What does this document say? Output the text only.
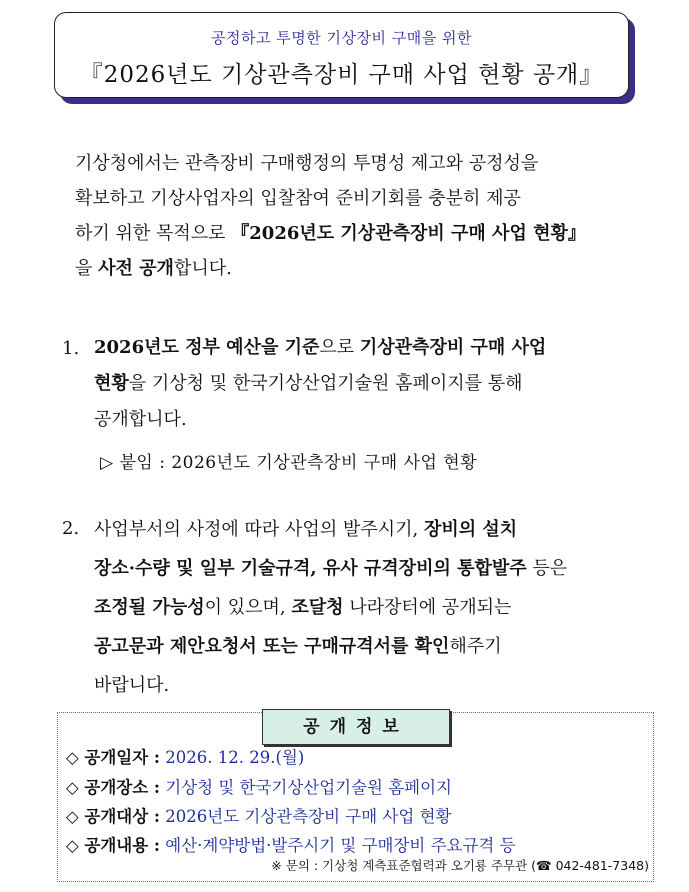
공정하고 투명한 기상장비 구매을 위한
『2026년도 기상관측장비 구매 사업 현황 공개』
기상청에서는 관측장비 구매행정의 투명성 제고와 공정성을
확보하고 기상사업자의 입찰참여 준비기회를 충분히 제공
하기 위한 목적으로 『2026년도 기상관측장비 구매 사업 현황』
을 사전 공개합니다.
1. 2026년도 정부 예산을 기준으로 기상관측장비 구매 사업
현황을 기상청 및 한국기상산업기술원 홈페이지를 통해
공개합니다.
▷ 붙임 : 2026년도 기상관측장비 구매 사업 현황
2. 사업부서의 사정에 따라 사업의 발주시기, 장비의 설치
장소·수량 및 일부 기술규격, 유사 규격장비의 통합발주 등은
조정될 가능성이 있으며, 조달청 나라장터에 공개되는
공고문과 제안요청서 또는 구매규격서를 확인해주기
바랍니다.
공개정보
◇ 공개일자 : 2026. 12. 29.(월)
◇ 공개장소 : 기상청 및 한국기상산업기술원 홈페이지
◇ 공개대상 : 2026년도 기상관측장비 구매 사업 현황
◇ 공개내용 : 예산·계약방법·발주시기 및 구매장비 주요규격 등
※ 문의 : 기상청 계측표준협력과 오기룡 주무관 (☎ 042-481-7348)
